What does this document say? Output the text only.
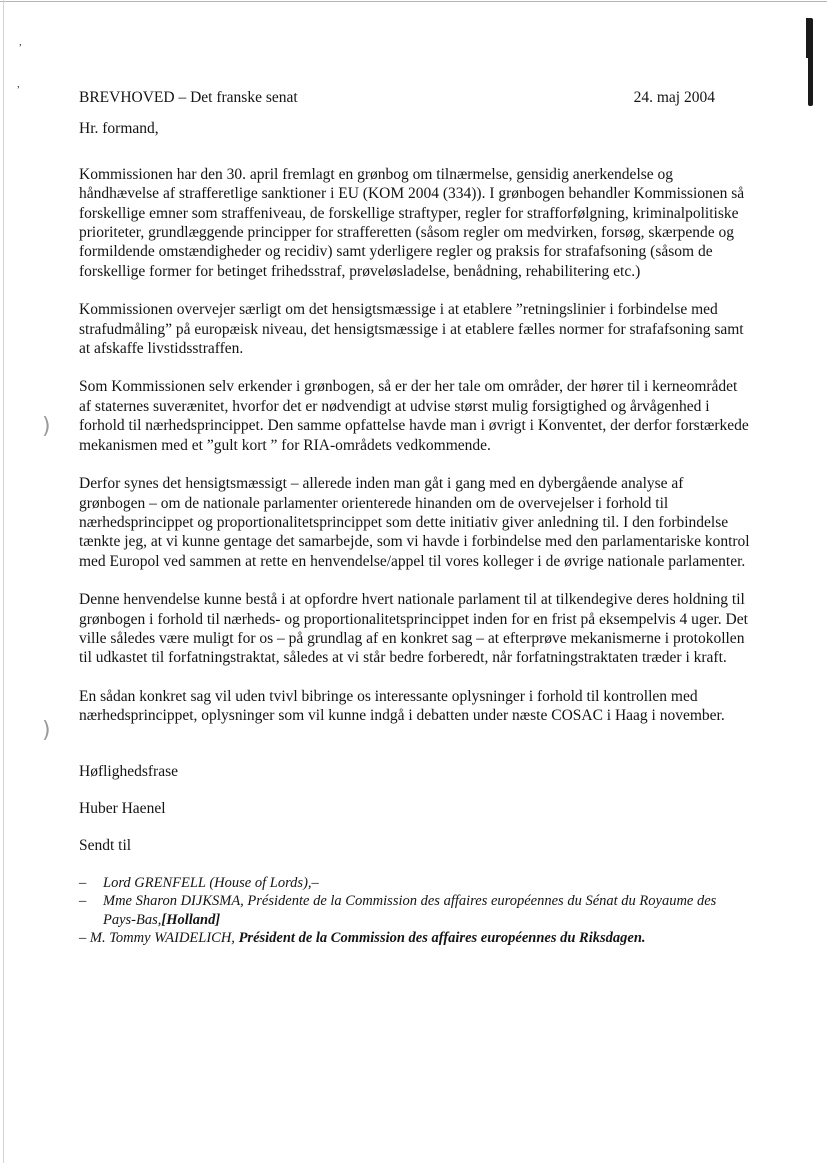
,
,
)
)
BREVHOVED – Det franske senat	24. maj 2004

Hr. formand,

Kommissionen har den 30. april fremlagt en grønbog om tilnærmelse, gensidig anerkendelse og håndhævelse af strafferetlige sanktioner i EU (KOM 2004 (334)). I grønbogen behandler Kommissionen så forskellige emner som straffeniveau, de forskellige straftyper, regler for strafforfølgning, kriminalpolitiske prioriteter, grundlæggende principper for strafferetten (såsom regler om medvirken, forsøg, skærpende og formildende omstændigheder og recidiv) samt yderligere regler og praksis for strafafsoning (såsom de forskellige former for betinget frihedsstraf, prøveløsladelse, benådning, rehabilitering etc.)

Kommissionen overvejer særligt om det hensigtsmæssige i at etablere ”retningslinier i forbindelse med strafudmåling” på europæisk niveau, det hensigtsmæssige i at etablere fælles normer for strafafsoning samt at afskaffe livstidsstraffen.

Som Kommissionen selv erkender i grønbogen, så er der her tale om områder, der hører til i kerneområdet af staternes suverænitet, hvorfor det er nødvendigt at udvise størst mulig forsigtighed og årvågenhed i forhold til nærhedsprincippet. Den samme opfattelse havde man i øvrigt i Konventet, der derfor forstærkede mekanismen med et ”gult kort ” for RIA-områdets vedkommende.

Derfor synes det hensigtsmæssigt – allerede inden man gåt i gang med en dybergående analyse af grønbogen – om de nationale parlamenter orienterede hinanden om de overvejelser i forhold til nærhedsprincippet og proportionalitetsprincippet som dette initiativ giver anledning til. I den forbindelse tænkte jeg, at vi kunne gentage det samarbejde, som vi havde i forbindelse med den parlamentariske kontrol med Europol ved sammen at rette en henvendelse/appel til vores kolleger i de øvrige nationale parlamenter.

Denne henvendelse kunne bestå i at opfordre hvert nationale parlament til at tilkendegive deres holdning til grønbogen i forhold til nærheds- og proportionalitetsprincippet inden for en frist på eksempelvis 4 uger. Det ville således være muligt for os – på grundlag af en konkret sag – at efterprøve mekanismerne i protokollen til udkastet til forfatningstraktat, således at vi står bedre forberedt, når forfatningstraktaten træder i kraft.

En sådan konkret sag vil uden tvivl bibringe os interessante oplysninger i forhold til kontrollen med nærhedsprincippet, oplysninger som vil kunne indgå i debatten under næste COSAC i Haag i november.

Høflighedsfrase

Huber Haenel

Sendt til

–	Lord GRENFELL (House of Lords),–
–	Mme Sharon DIJKSMA, Présidente de la Commission des affaires européennes du Sénat du Royaume des Pays-Bas,[Holland]
– M. Tommy WAIDELICH, Président de la Commission des affaires européennes du Riksdagen.
